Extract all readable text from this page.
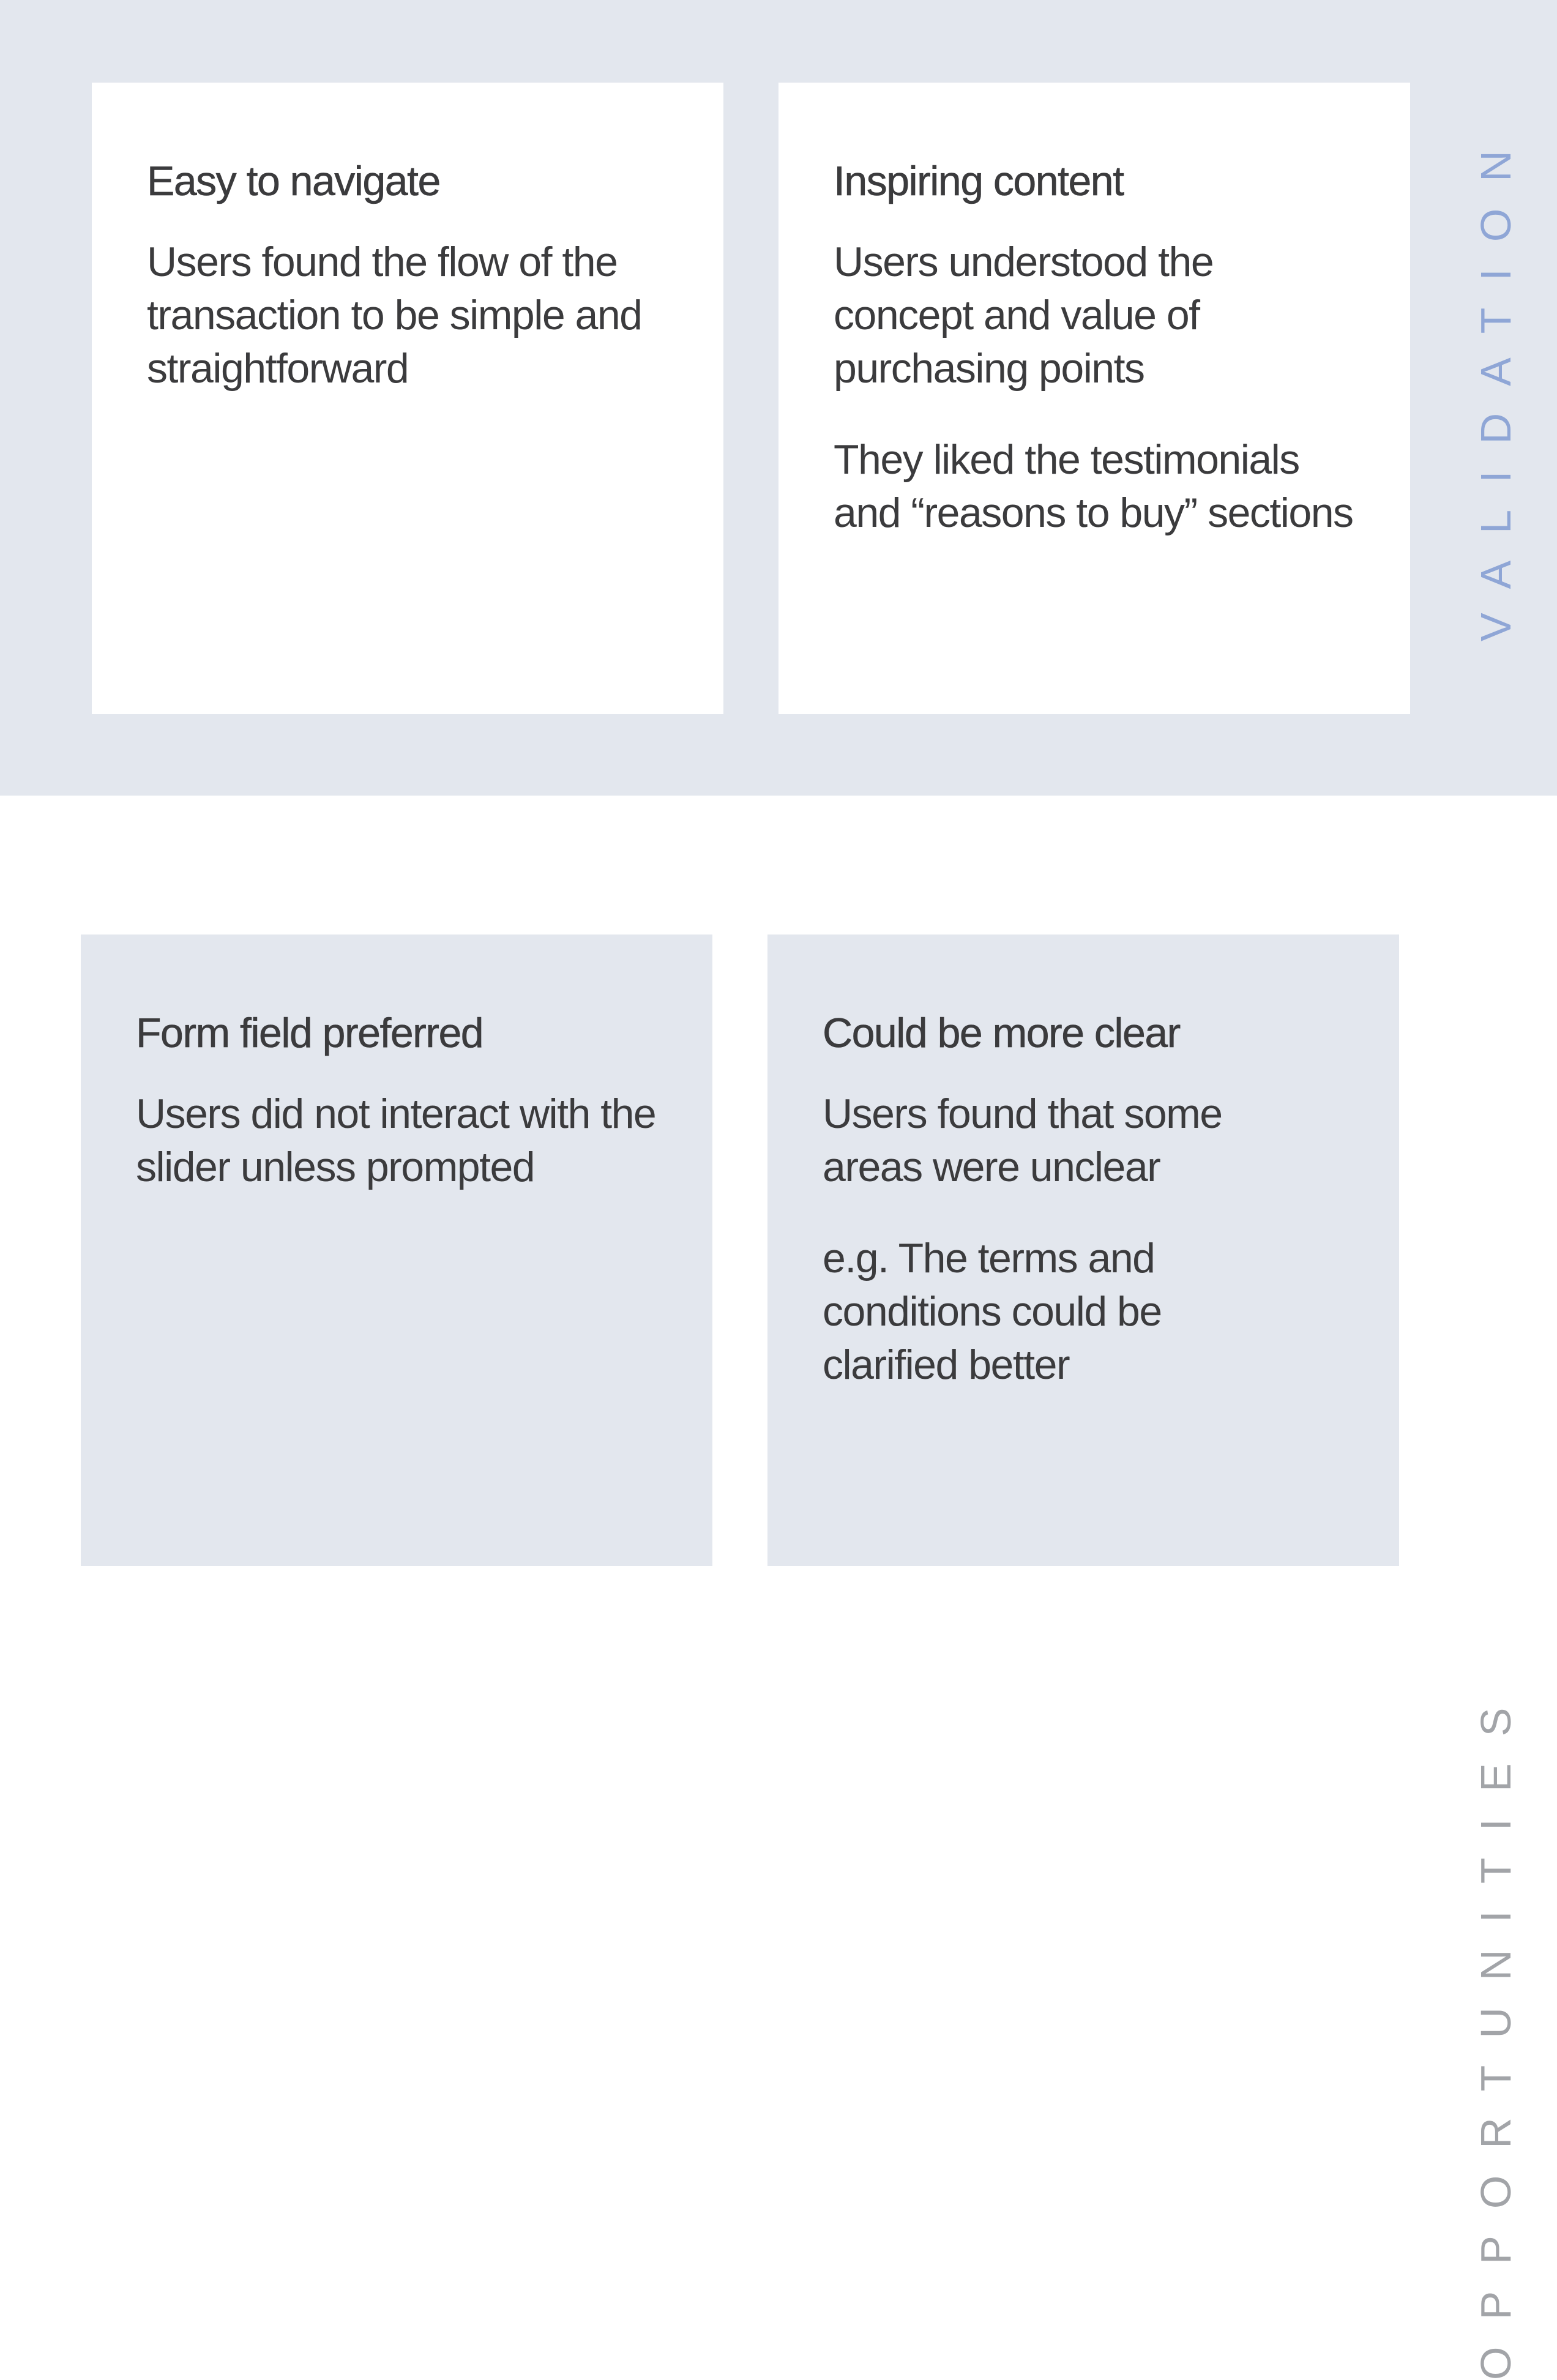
Easy to navigate

Users found the flow of the transaction to be simple and straightforward

Inspiring content

Users understood the concept and value of purchasing points

They liked the testimonials and “reasons to buy” sections	VALIDATION
Form field preferred

Users did not interact with the slider unless prompted

Could be more clear

Users found that some areas were unclear

e.g. The terms and conditions could be clarified better

OPPORTUNITIES
